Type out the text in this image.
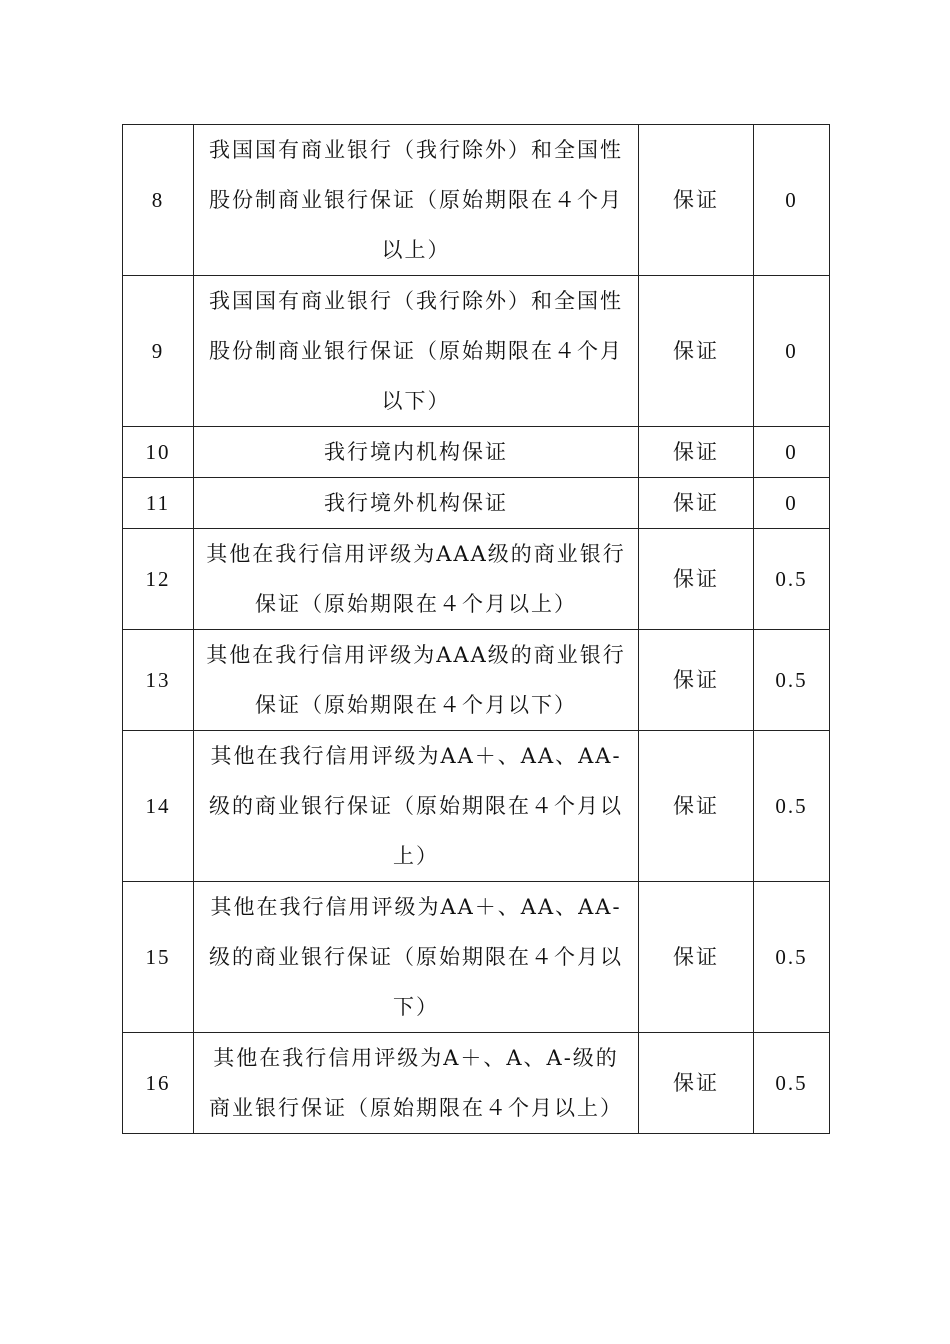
8	我国国有商业银行（我行除外）和全国性股份制商业银行保证（原始期限在４个月以上）	保证	0
9	我国国有商业银行（我行除外）和全国性股份制商业银行保证（原始期限在４个月以下）	保证	0
10	我行境内机构保证	保证	0
11	我行境外机构保证	保证	0
12	其他在我行信用评级为AAA级的商业银行保证（原始期限在４个月以上）	保证	0.5
13	其他在我行信用评级为AAA级的商业银行保证（原始期限在４个月以下）	保证	0.5
14	其他在我行信用评级为AA＋、AA、AA-级的商业银行保证（原始期限在４个月以上）	保证	0.5
15	其他在我行信用评级为AA＋、AA、AA-级的商业银行保证（原始期限在４个月以下）	保证	0.5
16	其他在我行信用评级为A＋、A、A-级的商业银行保证（原始期限在４个月以上）	保证	0.5
